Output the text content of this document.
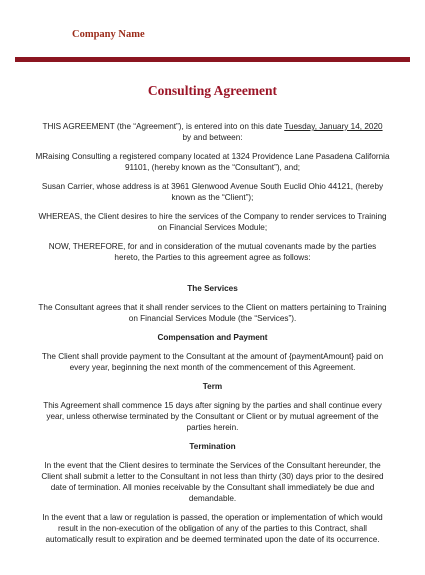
Company Name
Consulting Agreement

THIS AGREEMENT (the “Agreement”), is entered into on this date Tuesday, January 14, 2020 by and between:

MRaising Consulting a registered company located at 1324 Providence Lane Pasadena California 91101, (hereby known as the “Consultant”), and;

Susan Carrier, whose address is at 3961 Glenwood Avenue South Euclid Ohio 44121, (hereby known as the “Client”);

WHEREAS, the Client desires to hire the services of the Company to render services to Training on Financial Services Module;

NOW, THEREFORE, for and in consideration of the mutual covenants made by the parties hereto, the Parties to this agreement agree as follows:

The Services

The Consultant agrees that it shall render services to the Client on matters pertaining to Training on Financial Services Module (the “Services”).

Compensation and Payment

The Client shall provide payment to the Consultant at the amount of {paymentAmount} paid on every year, beginning the next month of the commencement of this Agreement.

Term

This Agreement shall commence 15 days after signing by the parties and shall continue every year, unless otherwise terminated by the Consultant or Client or by mutual agreement of the parties herein.

Termination

In the event that the Client desires to terminate the Services of the Consultant hereunder, the Client shall submit a letter to the Consultant in not less than thirty (30) days prior to the desired date of termination. All monies receivable by the Consultant shall immediately be due and demandable.

In the event that a law or regulation is passed, the operation or implementation of which would result in the non-execution of the obligation of any of the parties to this Contract, shall automatically result to expiration and be deemed terminated upon the date of its occurrence.
